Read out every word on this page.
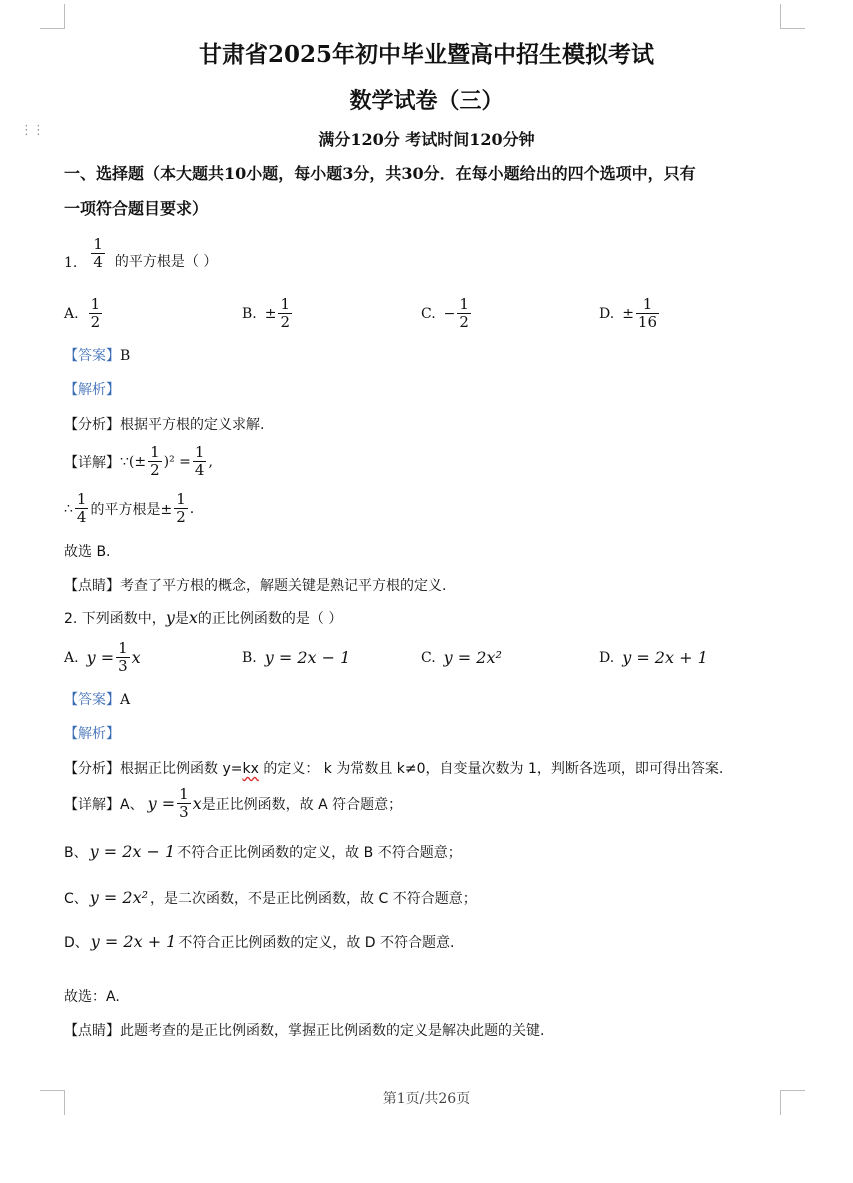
⋮⋮
甘肃省2025年初中毕业暨高中招生模拟考试
数学试卷（三）
满分120分 考试时间120分钟
一、选择题（本大题共10小题，每小题3分，共30分．在每小题给出的四个选项中，只有
一项符合题目要求）
1. $\frac{1}{4}$ 的平方根是（ ）
A. $\frac{1}{2}$	B. ± $\frac{1}{2}$	C. − $\frac{1}{2}$	D. ± $\frac{1}{16}$
【答案】B
【解析】
【分析】根据平方根的定义求解.
【详解】 ∵(± $\frac{1}{2} )^2 = \frac{1}{4}$ ,
∴ $\frac{1}{4}$ 的平方根是± $\frac{1}{2}$ .
故选 B.
【点睛】考查了平方根的概念，解题关键是熟记平方根的定义.
2. 下列函数中，y是x的正比例函数的是（ ）
A. $y = \frac{1}{3}$ x	B. y = 2x − 1	C. y = 2x²	D. y = 2x + 1
【答案】A
【解析】
【分析】根据正比例函数 y=kx 的定义： k 为常数且 k≠0，自变量次数为 1，判断各选项，即可得出答案.
【详解】 A、 $y = \frac{1}{3}$ x 是正比例函数，故 A 符合题意；
B、 y = 2x − 1 不符合正比例函数的定义，故 B 不符合题意；
C、 y = 2x² ，是二次函数，不是正比例函数，故 C 不符合题意；
D、 y = 2x + 1 不符合正比例函数的定义，故 D 不符合题意.
故选：A.
【点睛】此题考查的是正比例函数，掌握正比例函数的定义是解决此题的关键.
第1页/共26页
